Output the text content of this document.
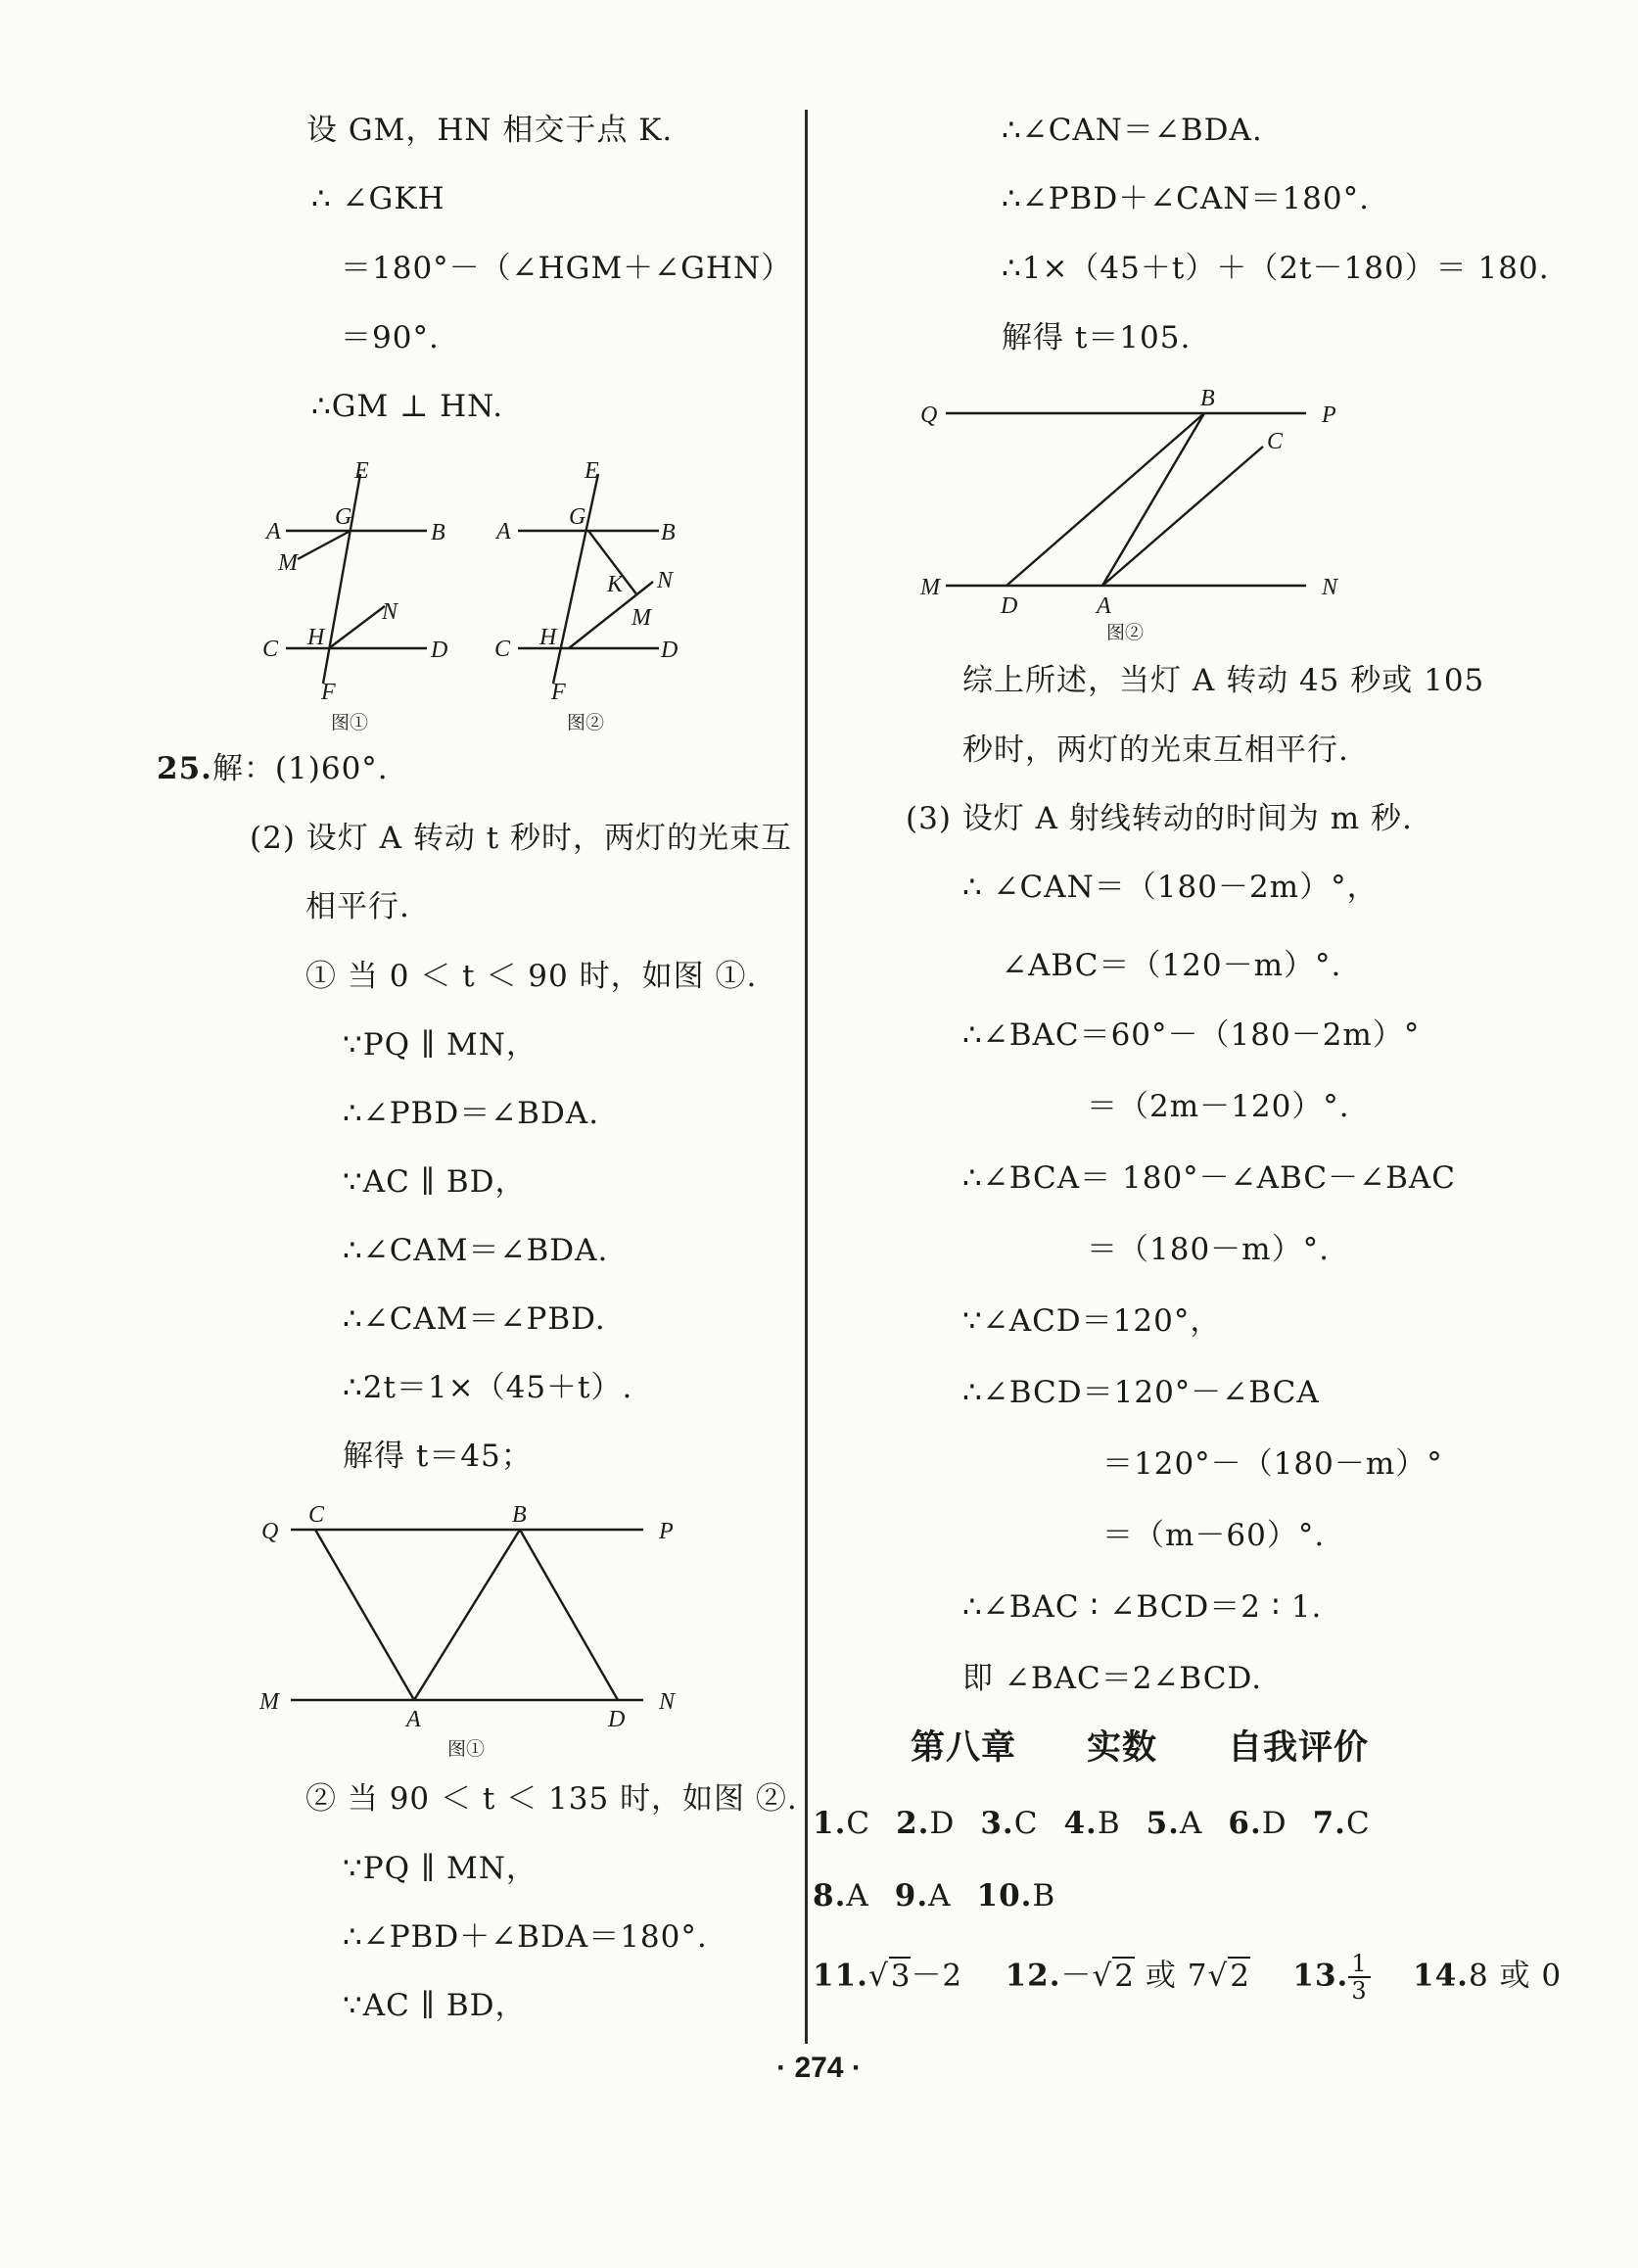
设 GM，HN 相交于点 K.
∴ ∠GKH
＝180°－（∠HGM＋∠GHN）
＝90°.
∴GM ⊥ HN.
E
A
G
B
M
N
H
C	D
F
图①
E
A
G
B
K N
M
H
C	D
F
图②
25.解：(1)60°.
(2) 设灯 A 转动 t 秒时，两灯的光束互
相平行.
① 当 0 ＜ t ＜ 90 时，如图 ①.
∵PQ ∥ MN，
∴∠PBD＝∠BDA.
∵AC ∥ BD，
∴∠CAM＝∠BDA.
∴∠CAM＝∠PBD.
∴2t＝1×（45＋t）.
解得 t＝45；
Q
C	B
P
M
A	D
N
图①
② 当 90 ＜ t ＜ 135 时，如图 ②.
∵PQ ∥ MN，
∴∠PBD＋∠BDA＝180°.
∵AC ∥ BD，
∴∠CAN＝∠BDA.
∴∠PBD＋∠CAN＝180°.
∴1×（45＋t）＋（2t－180）＝ 180.
解得 t＝105.
Q
B
P
C
M
D	A
N
图②
综上所述，当灯 A 转动 45 秒或 105
秒时，两灯的光束互相平行.
(3) 设灯 A 射线转动的时间为 m 秒.
∴ ∠CAN＝（180－2m）°，
∠ABC＝（120－m）°.
∴∠BAC＝60°－（180－2m）°
＝（2m－120）°.
∴∠BCA＝ 180°－∠ABC－∠BAC
＝（180－m）°.
∵∠ACD＝120°，
∴∠BCD＝120°－∠BCA
＝120°－（180－m）°
＝（m－60）°.
∴∠BAC ∶ ∠BCD＝2 ∶ 1.
即 ∠BAC＝2∠BCD.
第八章　　实数　　自我评价
1.C 2.D 3.C 4.B 5.A 6.D 7.C
8.A 9.A 10.B
11.√3－2 12.－√2 或 7√2 13. $\frac{1}{3} 14.8$ 或 0
· 274 ·
